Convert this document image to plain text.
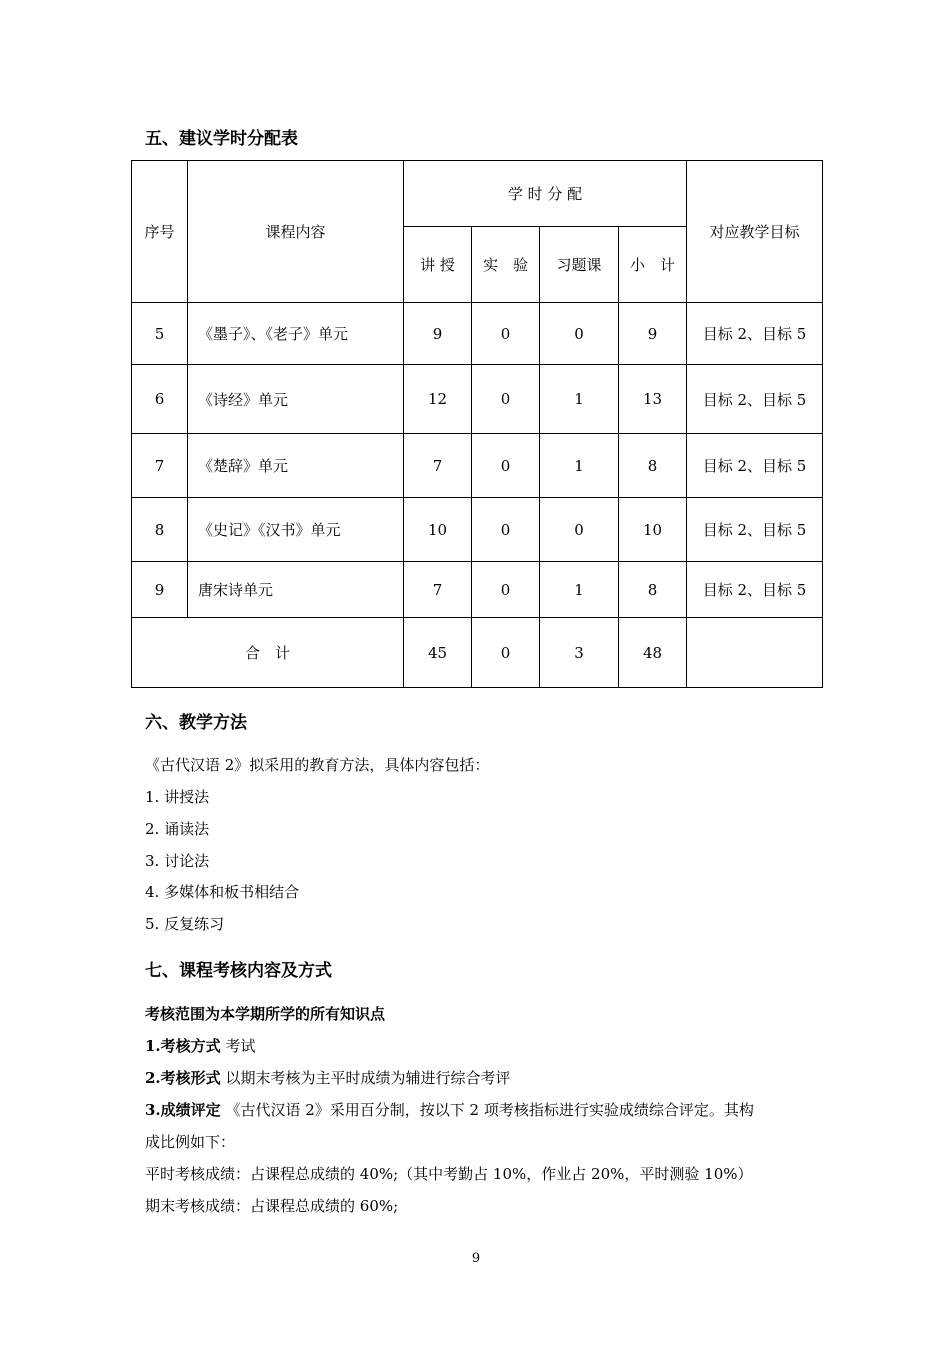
五、建议学时分配表
序号	课程内容	学 时 分 配				对应教学目标
		讲 授	实　验	习题课	小　计	
5	《墨子》、《老子》单元	9	0	0	9	目标 2、目标 5
6	《诗经》单元	12	0	1	13	目标 2、目标 5
7	《楚辞》单元	7	0	1	8	目标 2、目标 5
8	《史记》《汉书》单元	10	0	0	10	目标 2、目标 5
9	唐宋诗单元	7	0	1	8	目标 2、目标 5
合　计		45	0	3	48	
六、教学方法
《古代汉语 2》拟采用的教育方法，具体内容包括：
1. 讲授法
2. 诵读法
3. 讨论法
4. 多媒体和板书相结合
5. 反复练习
七、课程考核内容及方式
考核范围为本学期所学的所有知识点
1.考核方式 考试
2.考核形式 以期末考核为主平时成绩为辅进行综合考评
3.成绩评定 《古代汉语 2》采用百分制，按以下 2 项考核指标进行实验成绩综合评定。其构
成比例如下：
平时考核成绩：占课程总成绩的 40%;（其中考勤占 10%，作业占 20%，平时测验 10%）
期末考核成绩：占课程总成绩的 60%;
9
